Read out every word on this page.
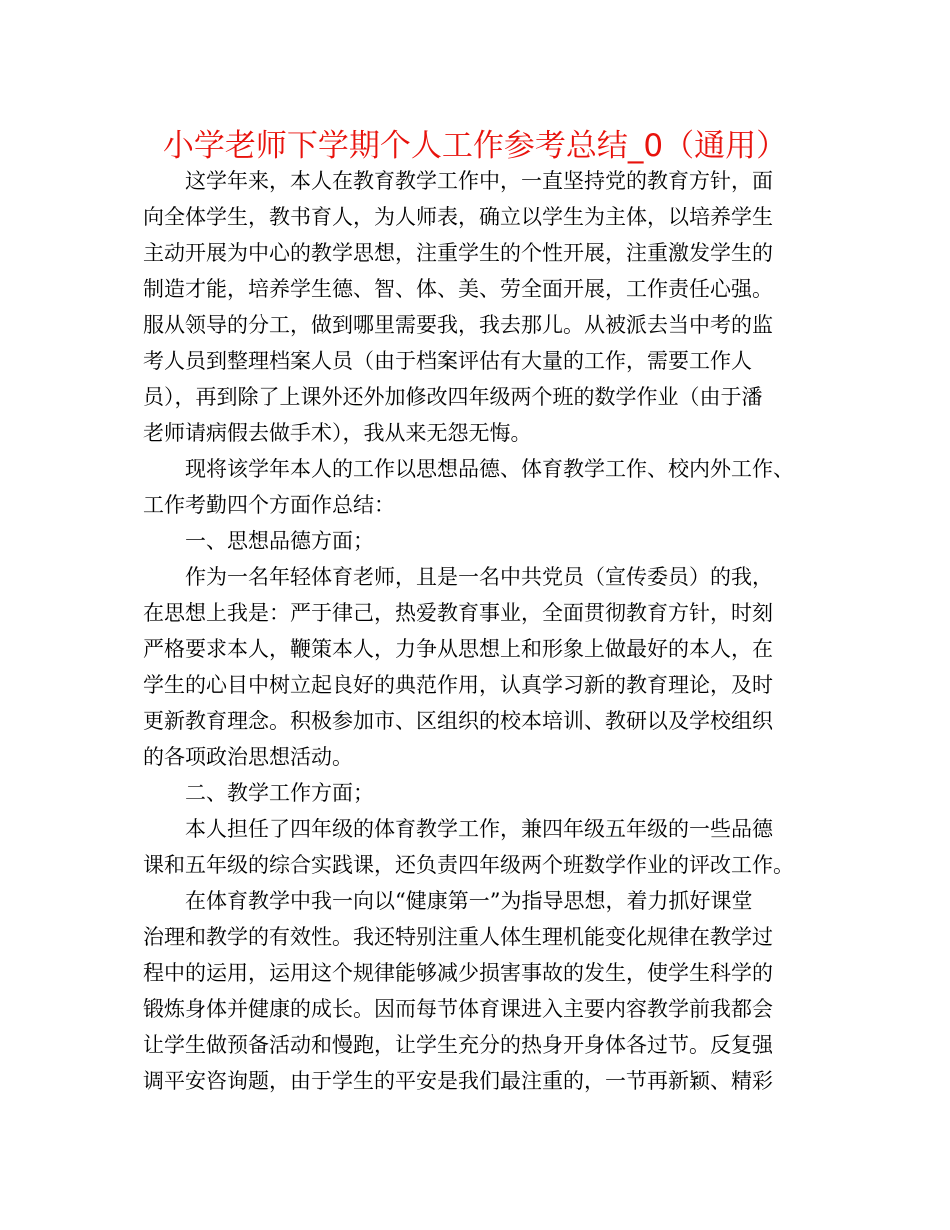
小学老师下学期个人工作参考总结_0（通用）

这学年来，本人在教育教学工作中，一直坚持党的教育方针，面
向全体学生，教书育人，为人师表，确立以学生为主体，以培养学生
主动开展为中心的教学思想，注重学生的个性开展，注重激发学生的
制造才能，培养学生德、智、体、美、劳全面开展，工作责任心强。
服从领导的分工，做到哪里需要我，我去那儿。从被派去当中考的监
考人员到整理档案人员（由于档案评估有大量的工作，需要工作人
员），再到除了上课外还外加修改四年级两个班的数学作业（由于潘
老师请病假去做手术），我从来无怨无悔。

现将该学年本人的工作以思想品德、体育教学工作、校内外工作、
工作考勤四个方面作总结：

一、思想品德方面；

作为一名年轻体育老师，且是一名中共党员（宣传委员）的我，
在思想上我是：严于律己，热爱教育事业，全面贯彻教育方针，时刻
严格要求本人，鞭策本人，力争从思想上和形象上做最好的本人，在
学生的心目中树立起良好的典范作用，认真学习新的教育理论，及时
更新教育理念。积极参加市、区组织的校本培训、教研以及学校组织
的各项政治思想活动。

二、教学工作方面；

本人担任了四年级的体育教学工作，兼四年级五年级的一些品德
课和五年级的综合实践课，还负责四年级两个班数学作业的评改工作。

在体育教学中我一向以“健康第一”为指导思想，着力抓好课堂
治理和教学的有效性。我还特别注重人体生理机能变化规律在教学过
程中的运用，运用这个规律能够减少损害事故的发生，使学生科学的
锻炼身体并健康的成长。因而每节体育课进入主要内容教学前我都会
让学生做预备活动和慢跑，让学生充分的热身开身体各过节。反复强
调平安咨询题，由于学生的平安是我们最注重的，一节再新颖、精彩
